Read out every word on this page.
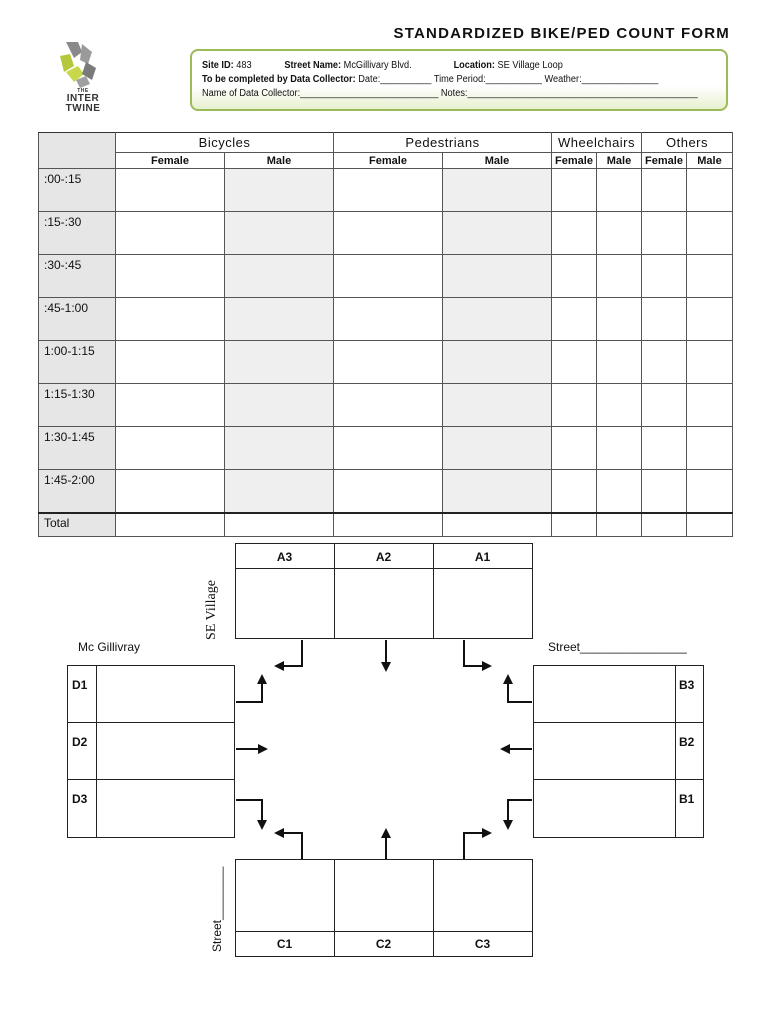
STANDARDIZED BIKE/PED COUNT FORM
THE
INTER
TWINE
Site ID: 483	Street Name: McGillivary Blvd.	Location: SE Village Loop
To be completed by Data Collector: Date:__________ Time Period:___________ Weather:_______________
Name of Data Collector:___________________________ Notes:_____________________________________________
	Bicycles		Pedestrians		Wheelchairs		Others	
	Female	Male	Female	Male	Female	Male	Female	Male
:00-:15								
:15-:30								
:30-:45								
:45-1:00								
1:00-1:15								
1:15-1:30								
1:30-1:45								
1:45-2:00								
Total								
A3	A2	A1
C1	C2	C3
D1
D2
D3
B3
B2
B1
Mc Gillivray	Street________________
SE Village
Street________
